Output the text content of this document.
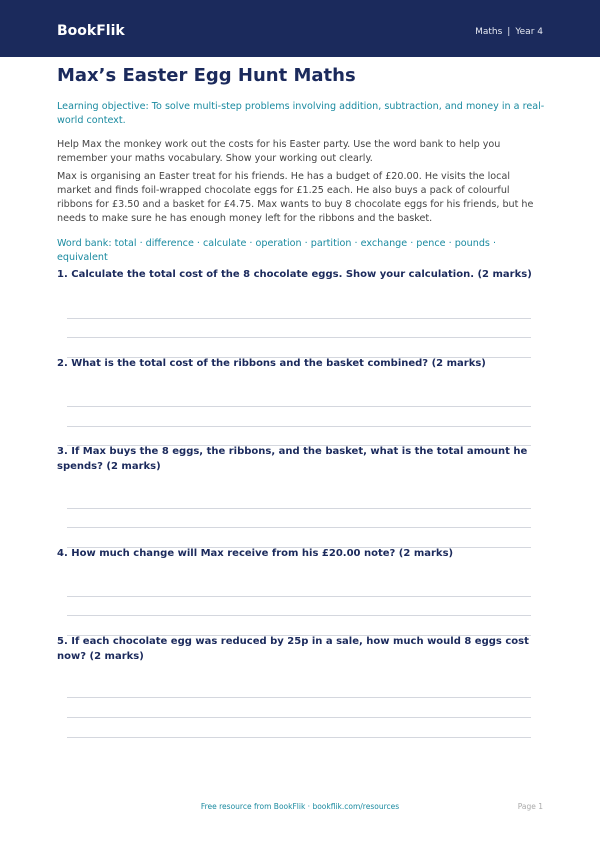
BookFlik	Maths | Year 4
Max’s Easter Egg Hunt Maths

Learning objective: To solve multi-step problems involving addition, subtraction, and money in a real-world context.

Help Max the monkey work out the costs for his Easter party. Use the word bank to help you remember your maths vocabulary. Show your working out clearly.

Max is organising an Easter treat for his friends. He has a budget of £20.00. He visits the local market and finds foil-wrapped chocolate eggs for £1.25 each. He also buys a pack of colourful ribbons for £3.50 and a basket for £4.75. Max wants to buy 8 chocolate eggs for his friends, but he needs to make sure he has enough money left for the ribbons and the basket.

Word bank: total · difference · calculate · operation · partition · exchange · pence · pounds · equivalent

1. Calculate the total cost of the 8 chocolate eggs. Show your calculation. (2 marks)
2. What is the total cost of the ribbons and the basket combined? (2 marks)
3. If Max buys the 8 eggs, the ribbons, and the basket, what is the total amount he spends? (2 marks)
4. How much change will Max receive from his £20.00 note? (2 marks)
5. If each chocolate egg was reduced by 25p in a sale, how much would 8 eggs cost now? (2 marks)
Free resource from BookFlik · bookflik.com/resources	Page 1
